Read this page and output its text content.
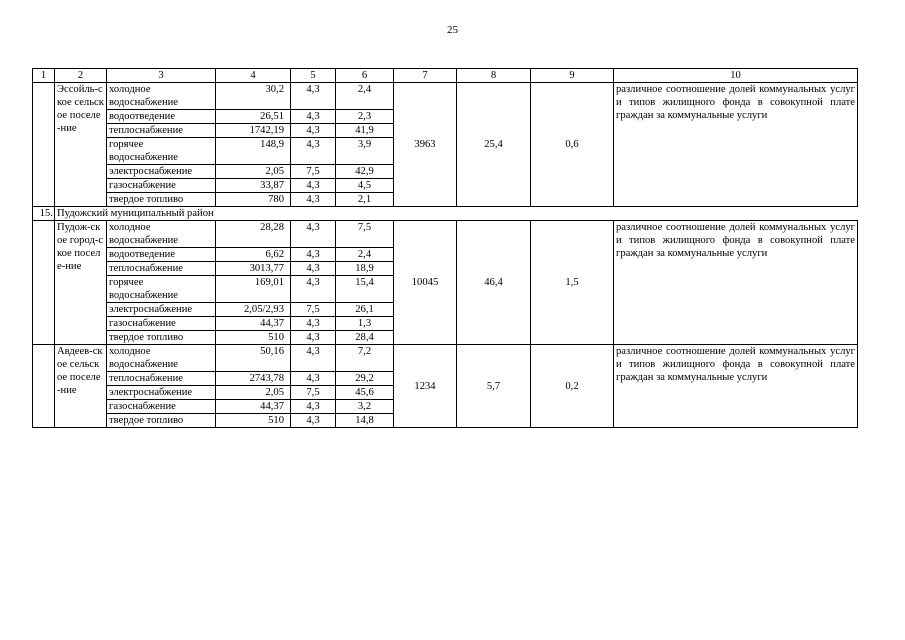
25
1	2	3	4	5	6	7	8	9	10
	Эссойль-ское сельское поселе-ние	холодное водоснабжение	30,2	4,3	2,4	3963	25,4	0,6	различное соотношение долей коммунальных услуг и типов жилищного фонда в совокупной плате граждан за коммунальные услуги
		водоотведение	26,51	4,3	2,3				
		теплоснабжение	1742,19	4,3	41,9				
		горячее водоснабжение	148,9	4,3	3,9				
		электроснабжение	2,05	7,5	42,9				
		газоснабжение	33,87	4,3	4,5				
		твердое топливо	780	4,3	2,1				
15.	Пудожский муниципальный район								
	Пудож-ское город-ское поселе-ние	холодное водоснабжение	28,28	4,3	7,5	10045	46,4	1,5	различное соотношение долей коммунальных услуг и типов жилищного фонда в совокупной плате граждан за коммунальные услуги
		водоотведение	6,62	4,3	2,4				
		теплоснабжение	3013,77	4,3	18,9				
		горячее водоснабжение	169,01	4,3	15,4				
		электроснабжение	2,05/2,93	7,5	26,1				
		газоснабжение	44,37	4,3	1,3				
		твердое топливо	510	4,3	28,4				
	Авдеев-ское сельское поселе-ние	холодное водоснабжение	50,16	4,3	7,2	1234	5,7	0,2	различное соотношение долей коммунальных услуг и типов жилищного фонда в совокупной плате граждан за коммунальные услуги
		теплоснабжение	2743,78	4,3	29,2				
		электроснабжение	2,05	7,5	45,6				
		газоснабжение	44,37	4,3	3,2				
		твердое топливо	510	4,3	14,8				
